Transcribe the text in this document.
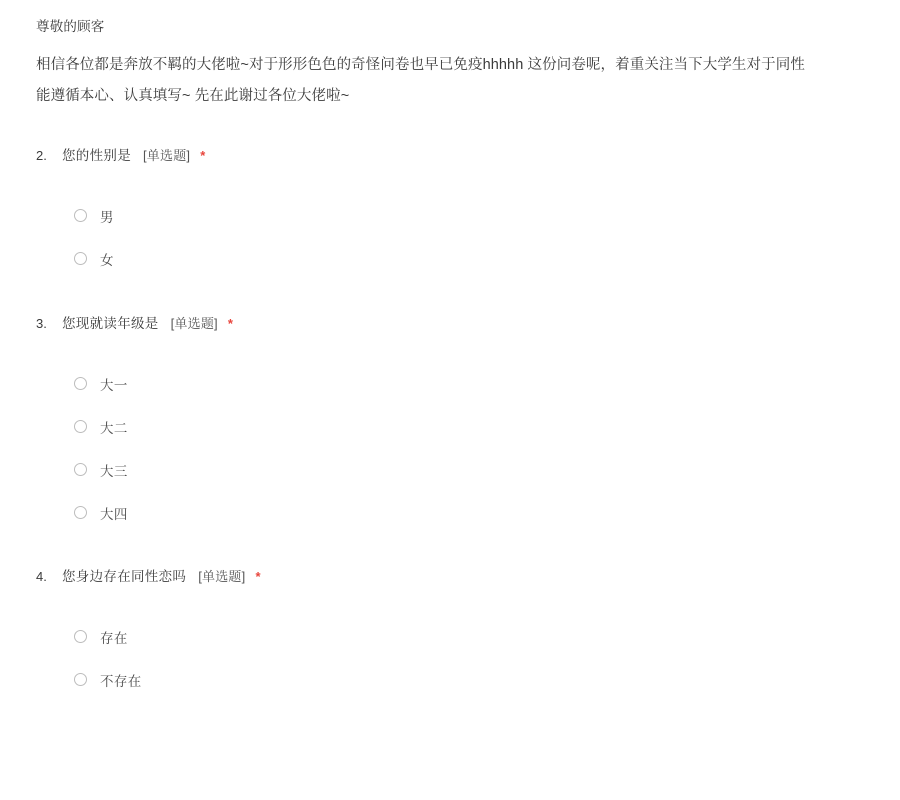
尊敬的顾客

相信各位都是奔放不羁的大佬啦~对于形形色色的奇怪问卷也早已免疫hhhhh 这份问卷呢，着重关注当下大学生对于同性
能遵循本心、认真填写~ 先在此谢过各位大佬啦~

2.	您的性别是 [单选题] *
男
女
3.	您现就读年级是 [单选题] *
大一
大二
大三
大四
4.	您身边存在同性恋吗 [单选题] *
存在
不存在
